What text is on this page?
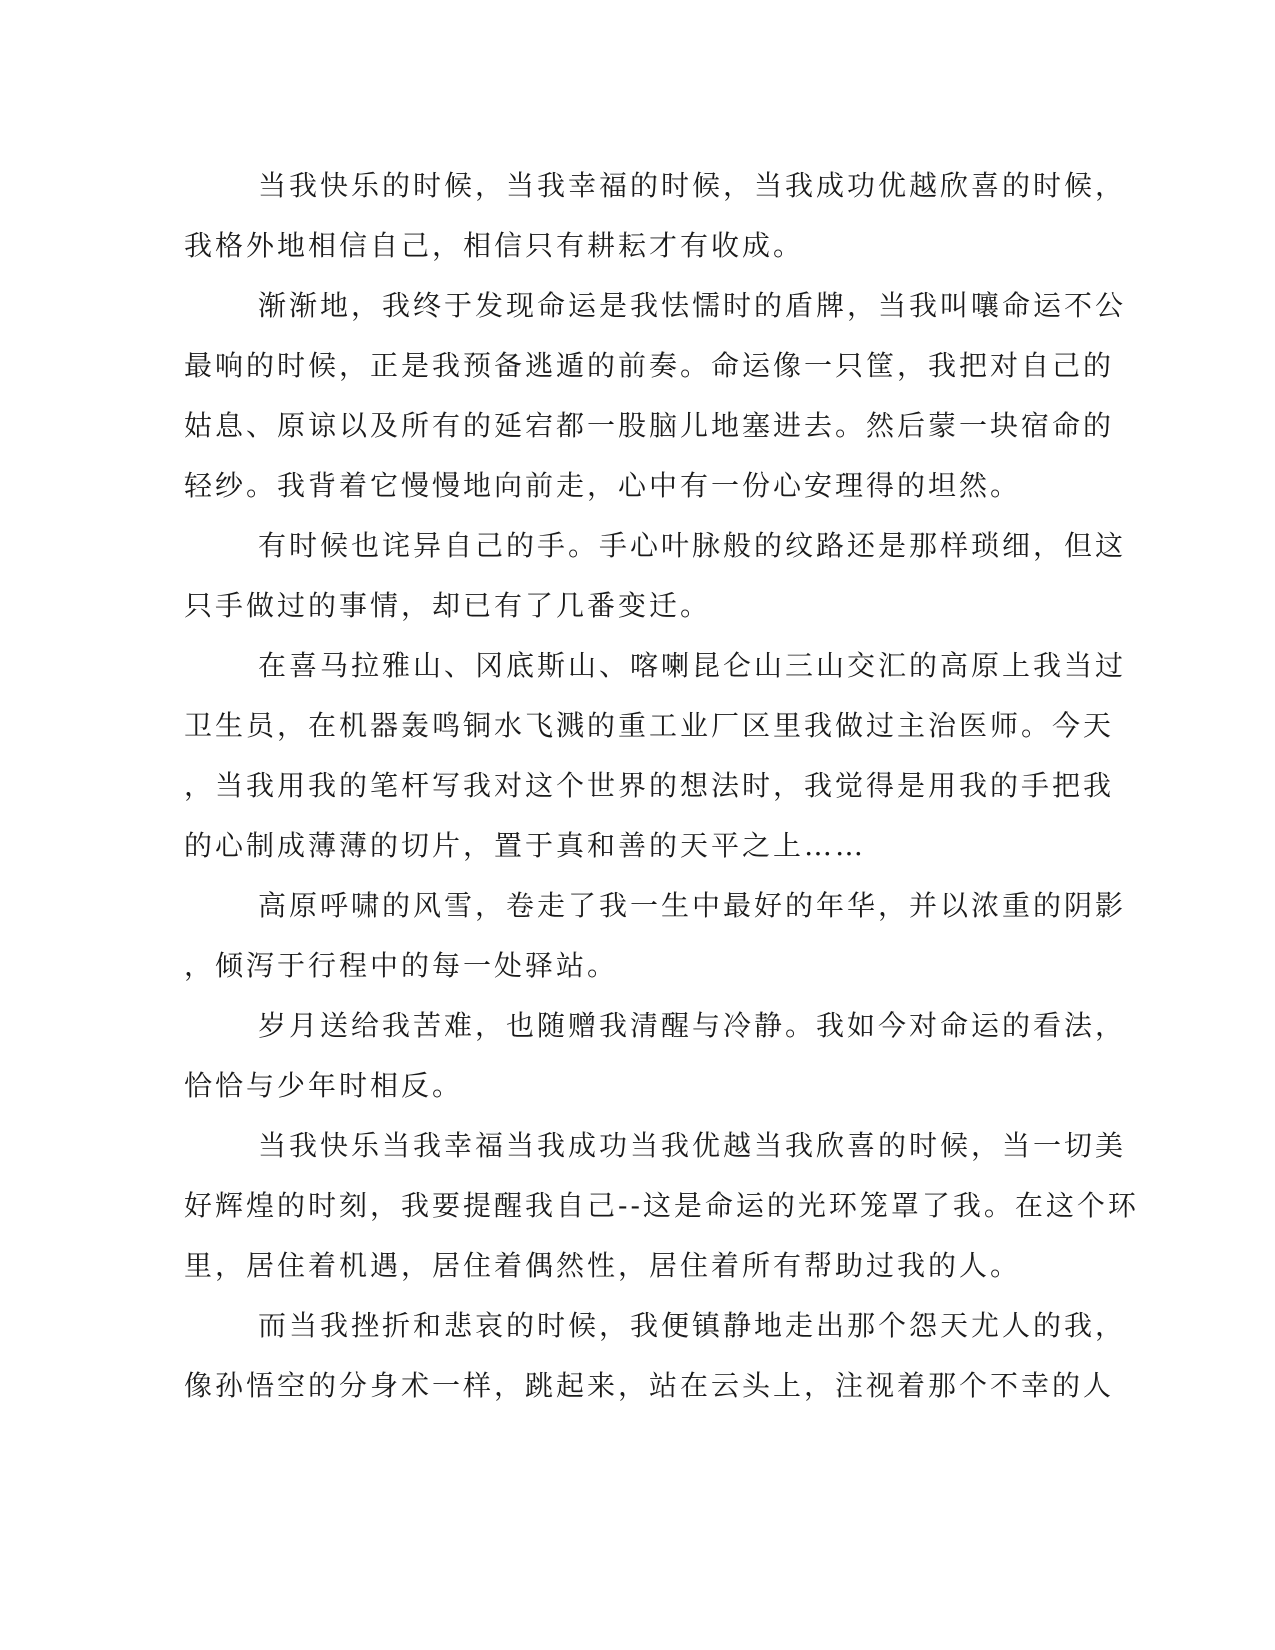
当我快乐的时候，当我幸福的时候，当我成功优越欣喜的时候，
我格外地相信自己，相信只有耕耘才有收成。
渐渐地，我终于发现命运是我怯懦时的盾牌，当我叫嚷命运不公
最响的时候，正是我预备逃遁的前奏。命运像一只筐，我把对自己的
姑息、原谅以及所有的延宕都一股脑儿地塞进去。然后蒙一块宿命的
轻纱。我背着它慢慢地向前走，心中有一份心安理得的坦然。
有时候也诧异自己的手。手心叶脉般的纹路还是那样琐细，但这
只手做过的事情，却已有了几番变迁。
在喜马拉雅山、冈底斯山、喀喇昆仑山三山交汇的高原上我当过
卫生员，在机器轰鸣铜水飞溅的重工业厂区里我做过主治医师。今天
，当我用我的笔杆写我对这个世界的想法时，我觉得是用我的手把我
的心制成薄薄的切片，置于真和善的天平之上……
高原呼啸的风雪，卷走了我一生中最好的年华，并以浓重的阴影
，倾泻于行程中的每一处驿站。
岁月送给我苦难，也随赠我清醒与冷静。我如今对命运的看法，
恰恰与少年时相反。
当我快乐当我幸福当我成功当我优越当我欣喜的时候，当一切美
好辉煌的时刻，我要提醒我自己--这是命运的光环笼罩了我。在这个环
里，居住着机遇，居住着偶然性，居住着所有帮助过我的人。
而当我挫折和悲哀的时候，我便镇静地走出那个怨天尤人的我，
像孙悟空的分身术一样，跳起来，站在云头上，注视着那个不幸的人
